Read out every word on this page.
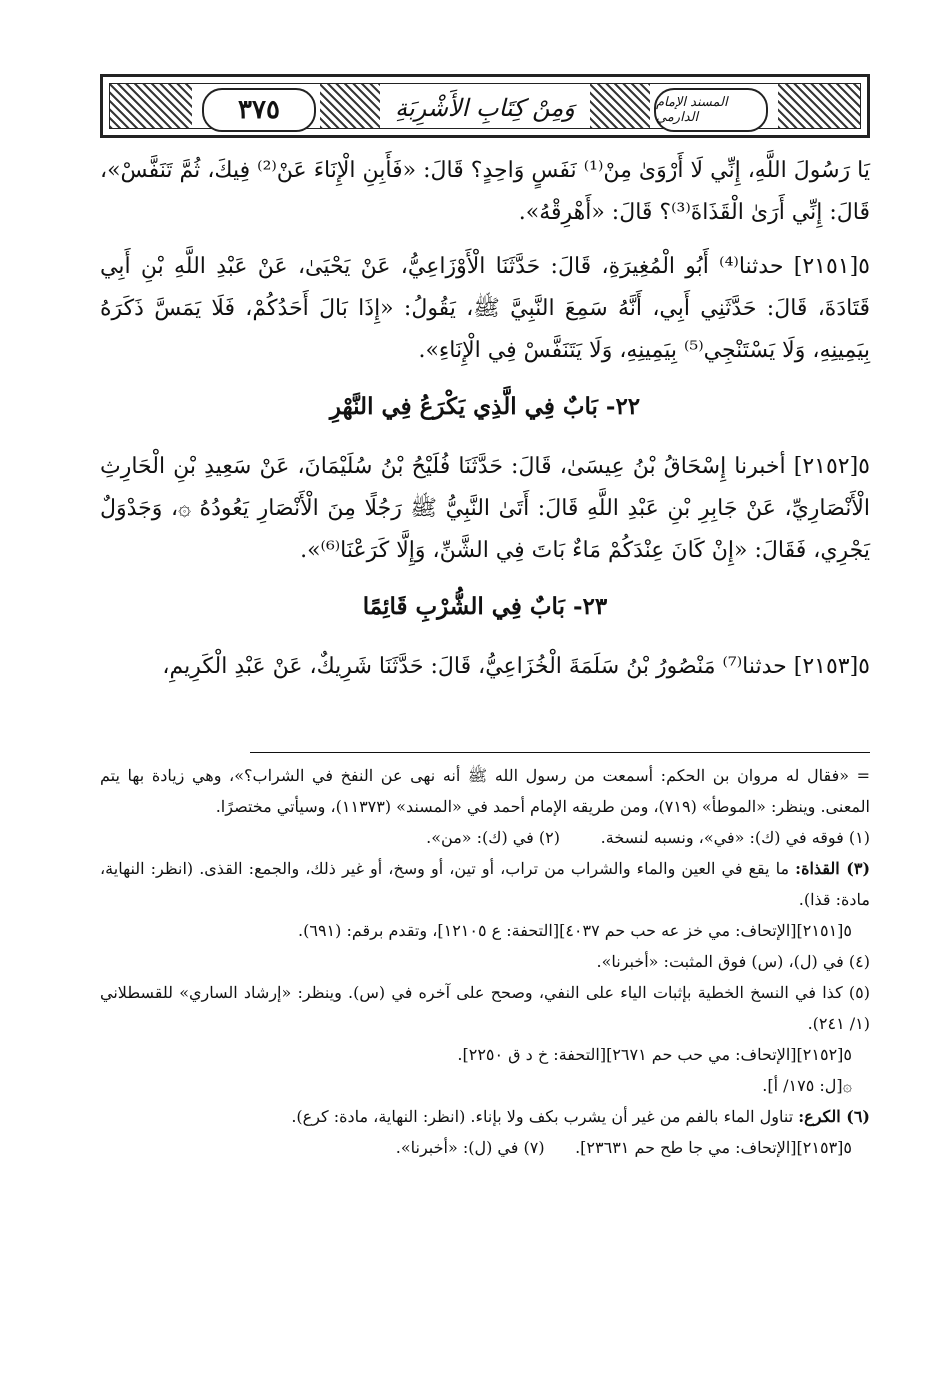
٣٧٥	وَمِنْ كِتَابِ الأَشْرِبَةِ	المسند الإمام الدارمي

يَا رَسُولَ اللَّهِ، إِنِّي لَا أَرْوَىٰ مِنْ⁽¹⁾ نَفَسٍ وَاحِدٍ؟ قَالَ: «فَأَبِنِ الْإِنَاءَ عَنْ⁽²⁾ فِيكَ، ثُمَّ تَنَفَّسْ»، قَالَ: إِنِّي أَرَىٰ الْقَذَاةَ⁽³⁾؟ قَالَ: «أَهْرِقْهُ».

٥[٢١٥١] حدثنا⁽⁴⁾ أَبُو الْمُغِيرَةِ، قَالَ: حَدَّثَنَا الْأَوْزَاعِيُّ، عَنْ يَحْيَىٰ، عَنْ عَبْدِ اللَّهِ بْنِ أَبِي قَتَادَةَ، قَالَ: حَدَّثَنِي أَبِي، أَنَّهُ سَمِعَ النَّبِيَّ ﷺ، يَقُولُ: «إِذَا بَالَ أَحَدُكُمْ، فَلَا يَمَسَّ ذَكَرَهُ بِيَمِينِهِ، وَلَا يَسْتَنْجِي⁽⁵⁾ بِيَمِينِهِ، وَلَا يَتَنَفَّسْ فِي الْإِنَاءِ».

٢٢- بَابٌ فِي الَّذِي يَكْرَعُ فِي النَّهْرِ

٥[٢١٥٢] أخبرنا إِسْحَاقُ بْنُ عِيسَىٰ، قَالَ: حَدَّثَنَا فُلَيْحُ بْنُ سُلَيْمَانَ، عَنْ سَعِيدِ بْنِ الْحَارِثِ الْأَنْصَارِيِّ، عَنْ جَابِرِ بْنِ عَبْدِ اللَّهِ قَالَ: أَتَىٰ النَّبِيُّ ﷺ رَجُلًا مِنَ الْأَنْصَارِ يَعُودُهُ ۞، وَجَدْوَلٌ يَجْرِي، فَقَالَ: «إِنْ كَانَ عِنْدَكُمْ مَاءٌ بَاتَ فِي الشَّنِّ، وَإِلَّا كَرَعْنَا⁽⁶⁾».

٢٣- بَابٌ فِي الشُّرْبِ قَائِمًا

٥[٢١٥٣] حدثنا⁽⁷⁾ مَنْصُورُ بْنُ سَلَمَةَ الْخُزَاعِيُّ، قَالَ: حَدَّثَنَا شَرِيكٌ، عَنْ عَبْدِ الْكَرِيمِ،

= «فقال له مروان بن الحكم: أسمعت من رسول الله ﷺ أنه نهى عن النفخ في الشراب؟»، وهي زيادة بها يتم المعنى. وينظر: «الموطأ» (٧١٩)، ومن طريقه الإمام أحمد في «المسند» (١١٣٧٣)، وسيأتي مختصرًا.

(١) فوقه في (ك): «في»، ونسبه لنسخة.        (٢) في (ك): «من».

(٣) القذاة: ما يقع في العين والماء والشراب من تراب، أو تين، أو وسخ، أو غير ذلك، والجمع: القذى. (انظر: النهاية، مادة: قذا).

٥[٢١٥١][الإتحاف: مي خز عه حب حم ٤٠٣٧][التحفة: ع ١٢١٠٥]، وتقدم برقم: (٦٩١).

(٤) في (ل)، (س) فوق المثبت: «أخبرنا».

(٥) كذا في النسخ الخطية بإثبات الياء على النفي، وصحح على آخره في (س). وينظر: «إرشاد الساري» للقسطلاني (١/ ٢٤١).

٥[٢١٥٢][الإتحاف: مي حب حم ٢٦٧١][التحفة: خ د ق ٢٢٥٠].

۞[ل: ١٧٥/ أ].

(٦) الكرع: تناول الماء بالفم من غير أن يشرب بكف ولا بإناء. (انظر: النهاية، مادة: كرع).

٥[٢١٥٣][الإتحاف: مي جا طح حم ٢٣٦٣١].      (٧) في (ل): «أخبرنا».
